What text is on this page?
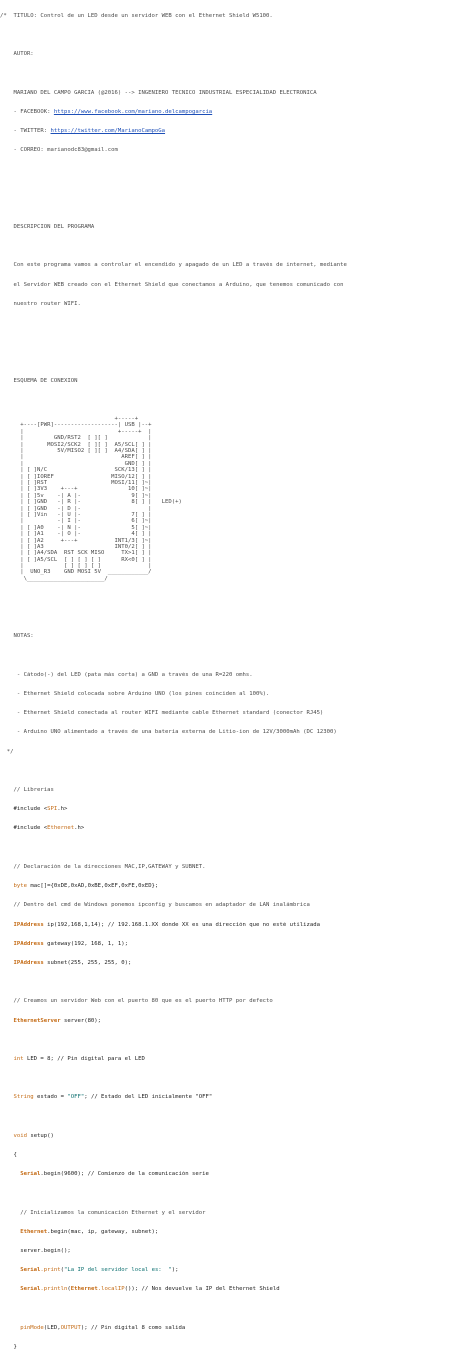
/*  TITULO: Control de un LED desde un servidor WEB con el Ethernet Shield W5100.

AUTOR:

MARIANO DEL CAMPO GARCIA (@2016) --> INGENIERO TÉCNICO INDUSTRIAL ESPECIALIDAD ELECTRÓNICA

- FACEBOOK: https://www.facebook.com/mariano.delcampogarcia

- TWITTER: https://twitter.com/MarianoCampoGa

- CORREO: marianodc83@gmail.com

DESCRIPCIÓN DEL PROGRAMA

Con este programa vamos a controlar el encendido y apagado de un LED a través de internet, mediante

el Servidor WEB creado con el Ethernet Shield que conectamos a Arduino, que tenemos comunicado con

nuestro router WIFI.

ESQUEMA DE CONEXION

+-----+
+----[PWR]-------------------| USB |--+
|                            +-----+  |
|         GND/RST2  [ ][ ]            |
|       MOSI2/SCK2  [ ][ ]  A5/SCL[ ] |
|          5V/MISO2 [ ][ ]  A4/SDA[ ] |
|                             AREF[ ] |
|                              GND[ ] |
| [ ]N/C                    SCK/13[ ] |
| [ ]IOREF                 MISO/12[ ] |
| [ ]RST                   MOSI/11[ ]~|
| [ ]3V3    +---+               10[ ]~|
| [ ]5v    -| A |-               9[ ]~|
| [ ]GND   -| R |-               8[ ] |   LED(+)
| [ ]GND   -| D |-                    |
| [ ]Vin   -| U |-               7[ ] |
|          -| I |-               6[ ]~|
| [ ]A0    -| N |-               5[ ]~|
| [ ]A1    -| O |-               4[ ] |
| [ ]A2     +---+           INT1/3[ ]~|
| [ ]A3                     INT0/2[ ] |
| [ ]A4/SDA  RST SCK MISO     TX>1[ ] |
| [ ]A5/SCL  [ ] [ ] [ ]      RX<0[ ] |
|            [ ] [ ] [ ]              |
|  UNO_R3    GND MOSI 5V  ____________/
\_______________________/

NOTAS:

- Cátodo(-) del LED (pata más corta) a GND a través de una R=220 omhs.

- Ethernet Shield colocada sobre Arduino UNO (los pines coinciden al 100%).

- Ethernet Shield conectada al router WIFI mediante cable Ethernet standard (conector RJ45)

- Arduino UNO alimentado a través de una batería externa de Litio-ion de 12V/3000mAh (DC 12300)

*/

// Librerías

#include <SPI.h>

#include <Ethernet.h>

// Declaración de la direcciones MAC,IP,GATEWAY y SUBNET.

byte mac[]={0xDE,0xAD,0xBE,0xEF,0xFE,0xED};

// Dentro del cmd de Windows ponemos ipconfig y buscamos en adaptador de LAN inalámbrica

IPAddress ip(192,168,1,14); // 192.168.1.XX donde XX es una dirección que no esté utilizada

IPAddress gateway(192, 168, 1, 1);

IPAddress subnet(255, 255, 255, 0);

// Creamos un servidor Web con el puerto 80 que es el puerto HTTP por defecto

EthernetServer server(80);

int LED = 8; // Pin digital para el LED

String estado = "OFF"; // Estado del LED inicialmente "OFF"

void setup()

{

Serial.begin(9600); // Comienzo de la comunicación serie

// Inicializamos la comunicación Ethernet y el servidor

Ethernet.begin(mac, ip, gateway, subnet);

server.begin();

Serial.print("La IP del servidor local es:  ");

Serial.println(Ethernet.localIP()); // Nos devuelve la IP del Ethernet Shield

pinMode(LED,OUTPUT); // Pin digital 8 como salida

}
